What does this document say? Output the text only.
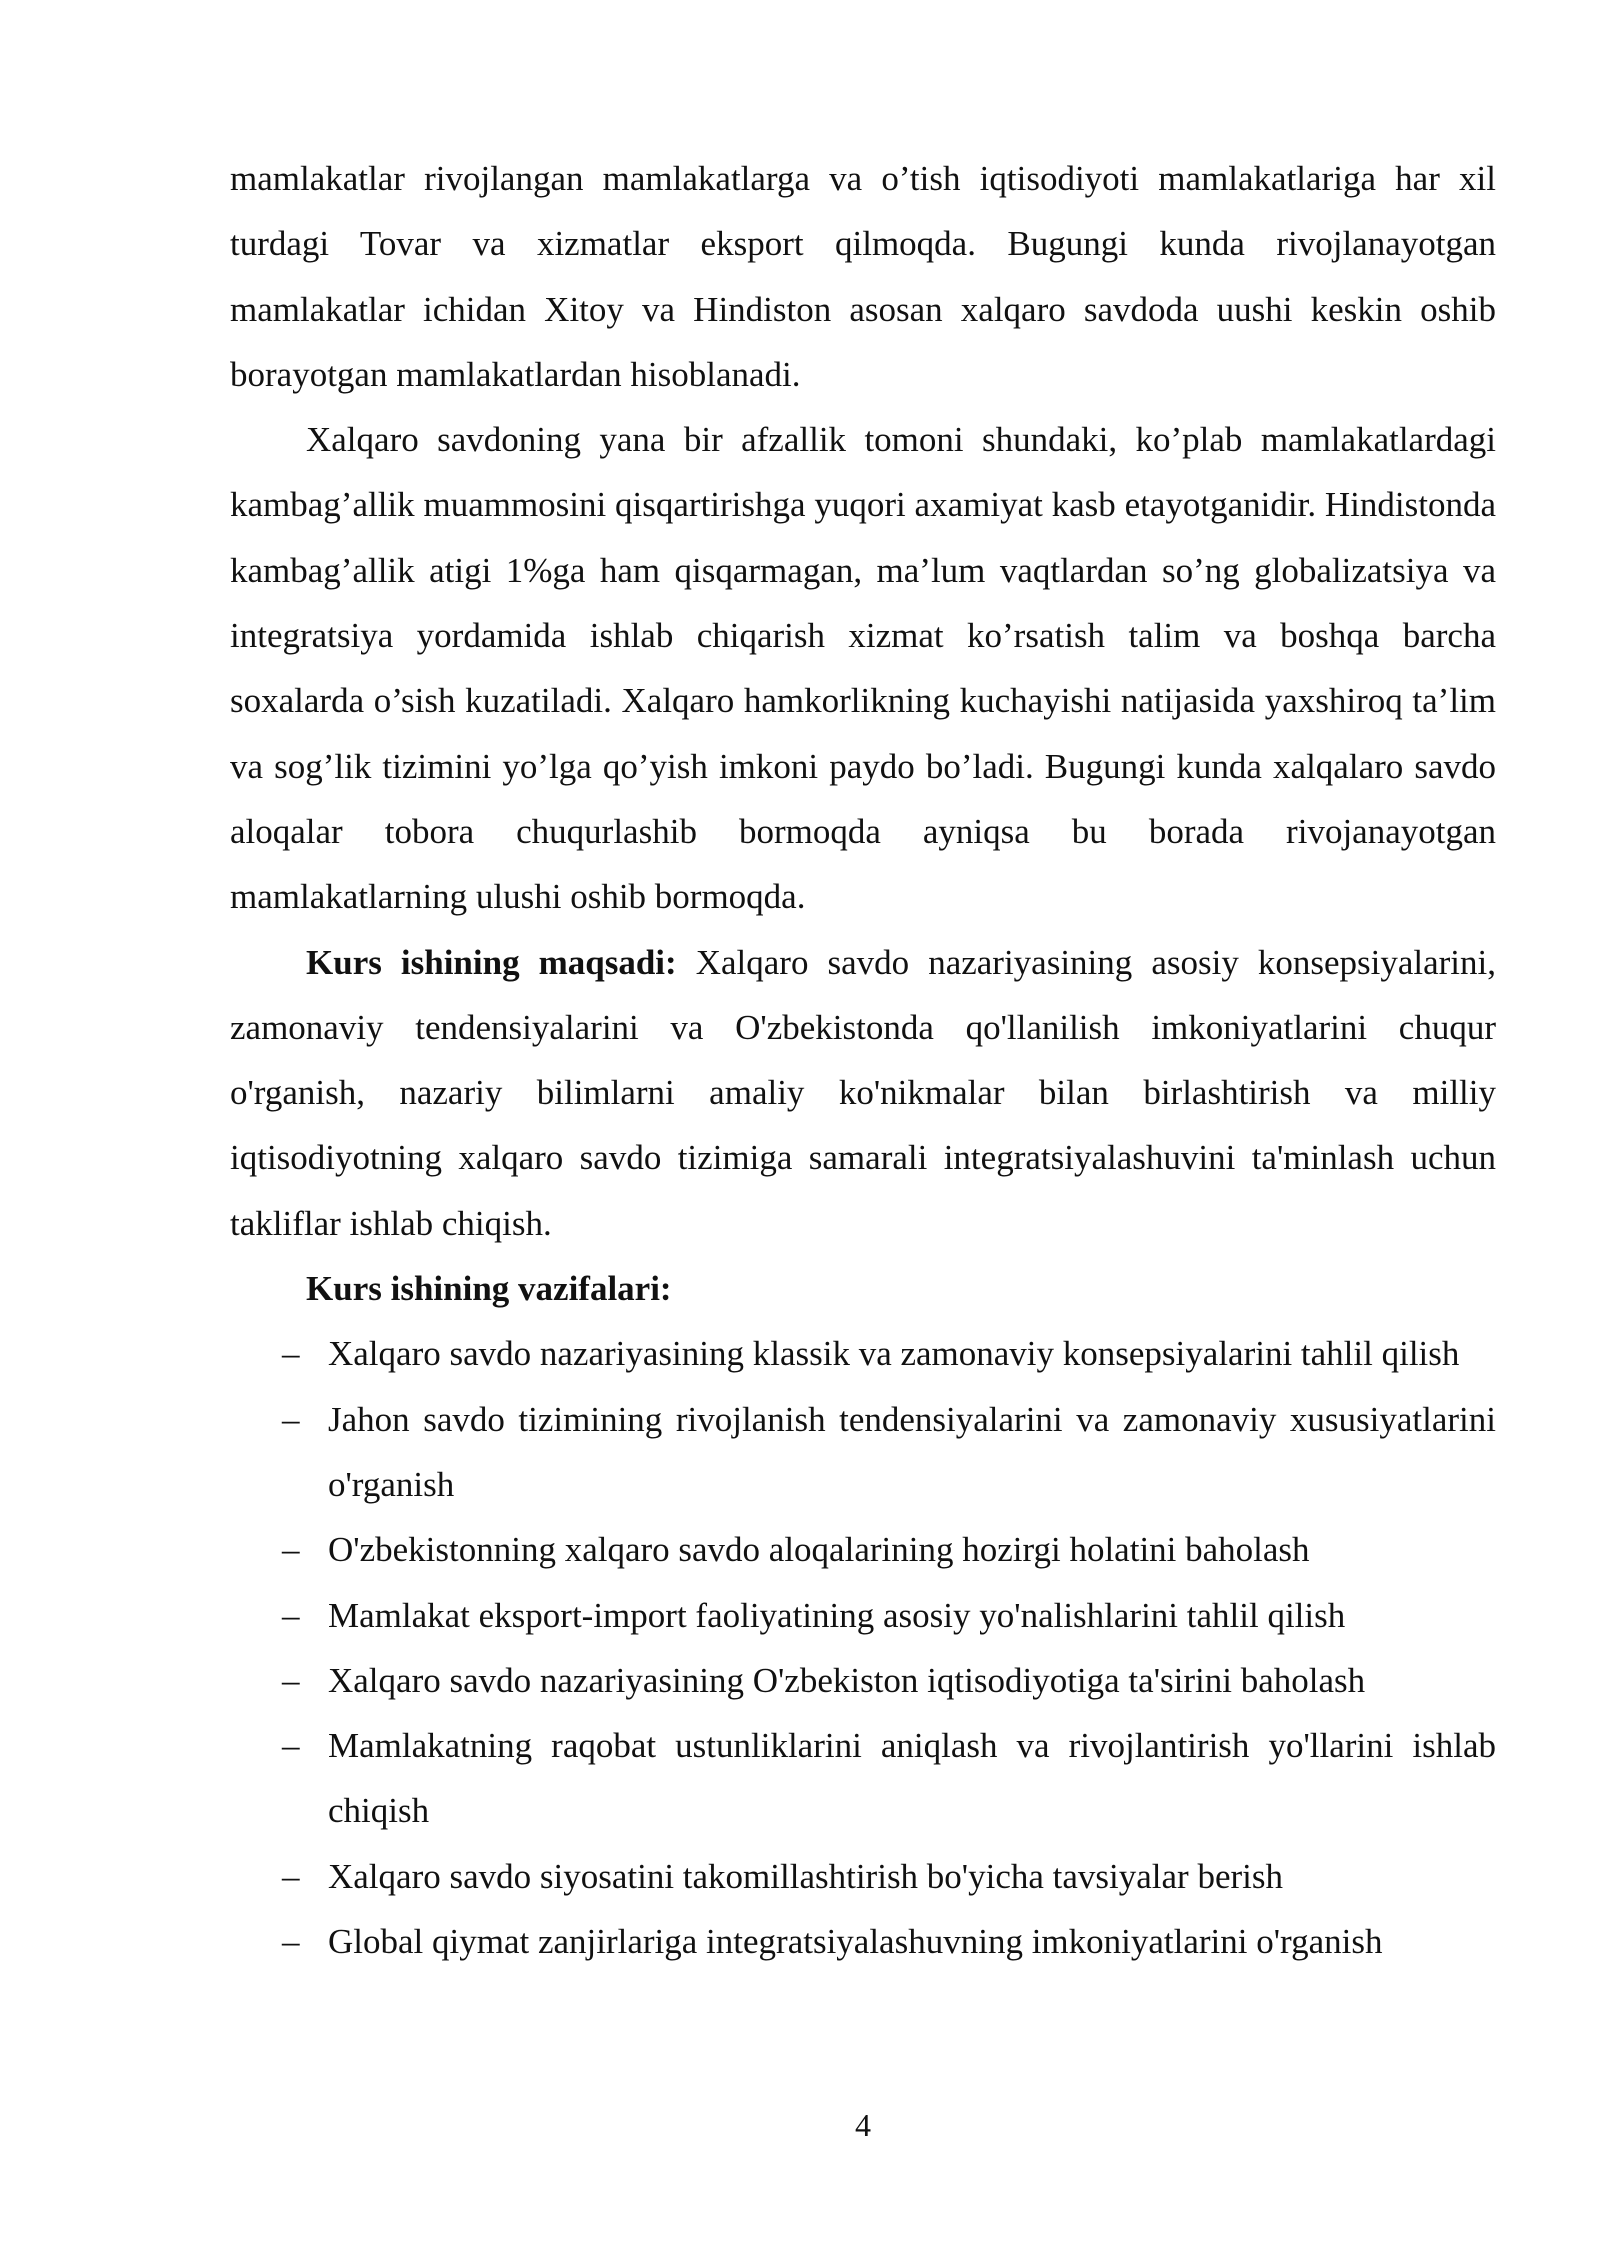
mamlakatlar rivojlangan mamlakatlarga va o’tish iqtisodiyoti mamlakatlariga har xil turdagi Tovar va xizmatlar eksport qilmoqda. Bugungi kunda rivojlanayotgan mamlakatlar ichidan Xitoy va Hindiston asosan xalqaro savdoda uushi keskin oshib borayotgan mamlakatlardan hisoblanadi.

Xalqaro savdoning yana bir afzallik tomoni shundaki, ko’plab mamlakatlardagi kambag’allik muammosini qisqartirishga yuqori axamiyat kasb etayotganidir. Hindistonda kambag’allik atigi 1%ga ham qisqarmagan, ma’lum vaqtlardan so’ng globalizatsiya va integratsiya yordamida ishlab chiqarish xizmat ko’rsatish talim va boshqa barcha soxalarda o’sish kuzatiladi. Xalqaro hamkorlikning kuchayishi natijasida yaxshiroq ta’lim va sog’lik tizimini yo’lga qo’yish imkoni paydo bo’ladi. Bugungi kunda xalqalaro savdo aloqalar tobora chuqurlashib bormoqda ayniqsa bu borada rivojanayotgan mamlakatlarning ulushi oshib bormoqda.

Kurs ishining maqsadi: Xalqaro savdo nazariyasining asosiy konsepsiyalarini, zamonaviy tendensiyalarini va O'zbekistonda qo'llanilish imkoniyatlarini chuqur o'rganish, nazariy bilimlarni amaliy ko'nikmalar bilan birlashtirish va milliy iqtisodiyotning xalqaro savdo tizimiga samarali integratsiyalashuvini ta'minlash uchun takliflar ishlab chiqish.

Kurs ishining vazifalari:

– Xalqaro savdo nazariyasining klassik va zamonaviy konsepsiyalarini tahlil qilish
– Jahon savdo tizimining rivojlanish tendensiyalarini va zamonaviy xususiyatlarini o'rganish
– O'zbekistonning xalqaro savdo aloqalarining hozirgi holatini baholash
– Mamlakat eksport-import faoliyatining asosiy yo'nalishlarini tahlil qilish
– Xalqaro savdo nazariyasining O'zbekiston iqtisodiyotiga ta'sirini baholash
– Mamlakatning raqobat ustunliklarini aniqlash va rivojlantirish yo'llarini ishlab chiqish
– Xalqaro savdo siyosatini takomillashtirish bo'yicha tavsiyalar berish
– Global qiymat zanjirlariga integratsiyalashuvning imkoniyatlarini o'rganish
4
